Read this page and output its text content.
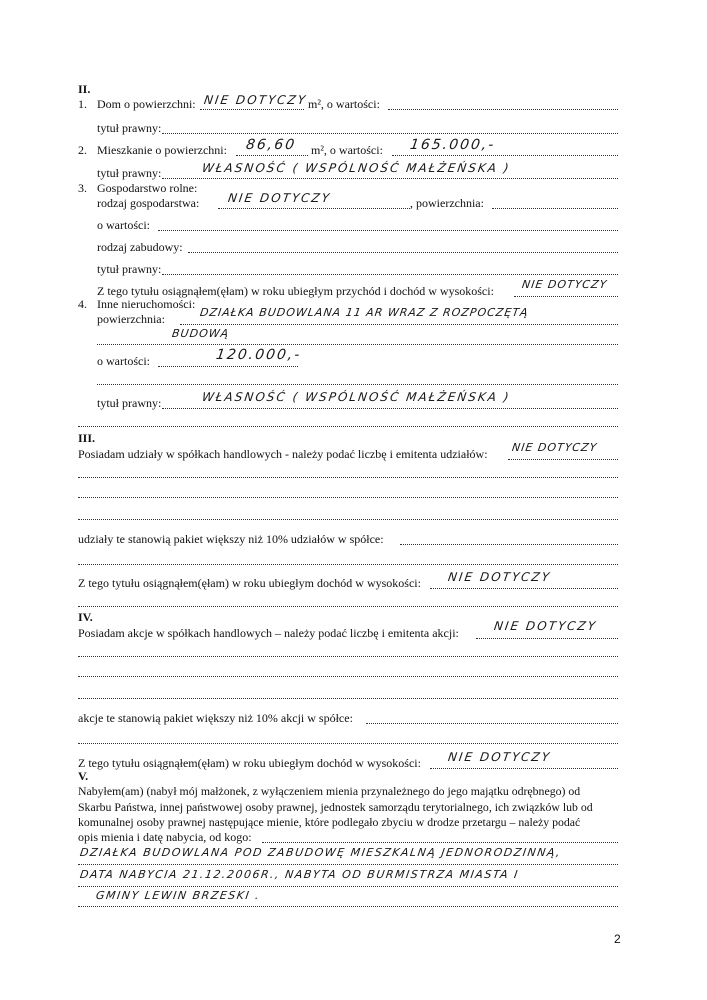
II.
1. Dom o powierzchni: NIE DOTYCZY m², o wartości:
tytuł prawny:
2. Mieszkanie o powierzchni: 86,60 m², o wartości: 165.000,-
tytuł prawny:	WŁASNOŚĆ ( WSPÓLNOŚĆ MAŁŻEŃSKA )
3. Gospodarstwo rolne:
rodzaj gospodarstwa: NIE DOTYCZY	, powierzchnia:
o wartości:
rodzaj zabudowy:
tytuł prawny:
Z tego tytułu osiągnąłem(ęłam) w roku ubiegłym przychód i dochód w wysokości: NIE DOTYCZY
4. Inne nieruchomości:
powierzchnia:	DZIAŁKA BUDOWLANA 11 AR WRAZ Z ROZPOCZĘTĄ
BUDOWĄ
o wartości:	120.000,-
tytuł prawny:	WŁASNOŚĆ ( WSPÓLNOŚĆ MAŁŻEŃSKA )
III.
Posiadam udziały w spółkach handlowych - należy podać liczbę i emitenta udziałów: NIE DOTYCZY
udziały te stanowią pakiet większy niż 10% udziałów w spółce:
Z tego tytułu osiągnąłem(ęłam) w roku ubiegłym dochód w wysokości: NIE DOTYCZY
IV.
Posiadam akcje w spółkach handlowych – należy podać liczbę i emitenta akcji:	NIE DOTYCZY
akcje te stanowią pakiet większy niż 10% akcji w spółce:
Z tego tytułu osiągnąłem(ęłam) w roku ubiegłym dochód w wysokości: NIE DOTYCZY
V.
Nabyłem(am) (nabył mój małżonek, z wyłączeniem mienia przynależnego do jego majątku odrębnego) od
Skarbu Państwa, innej państwowej osoby prawnej, jednostek samorządu terytorialnego, ich związków lub od
komunalnej osoby prawnej następujące mienie, które podlegało zbyciu w drodze przetargu – należy podać
opis mienia i datę nabycia, od kogo:
DZIAŁKA BUDOWLANA POD ZABUDOWĘ MIESZKALNĄ JEDNORODZINNĄ,
DATA NABYCIA 21.12.2006R., NABYTA OD BURMISTRZA MIASTA I
GMINY LEWIN BRZESKI .
2
